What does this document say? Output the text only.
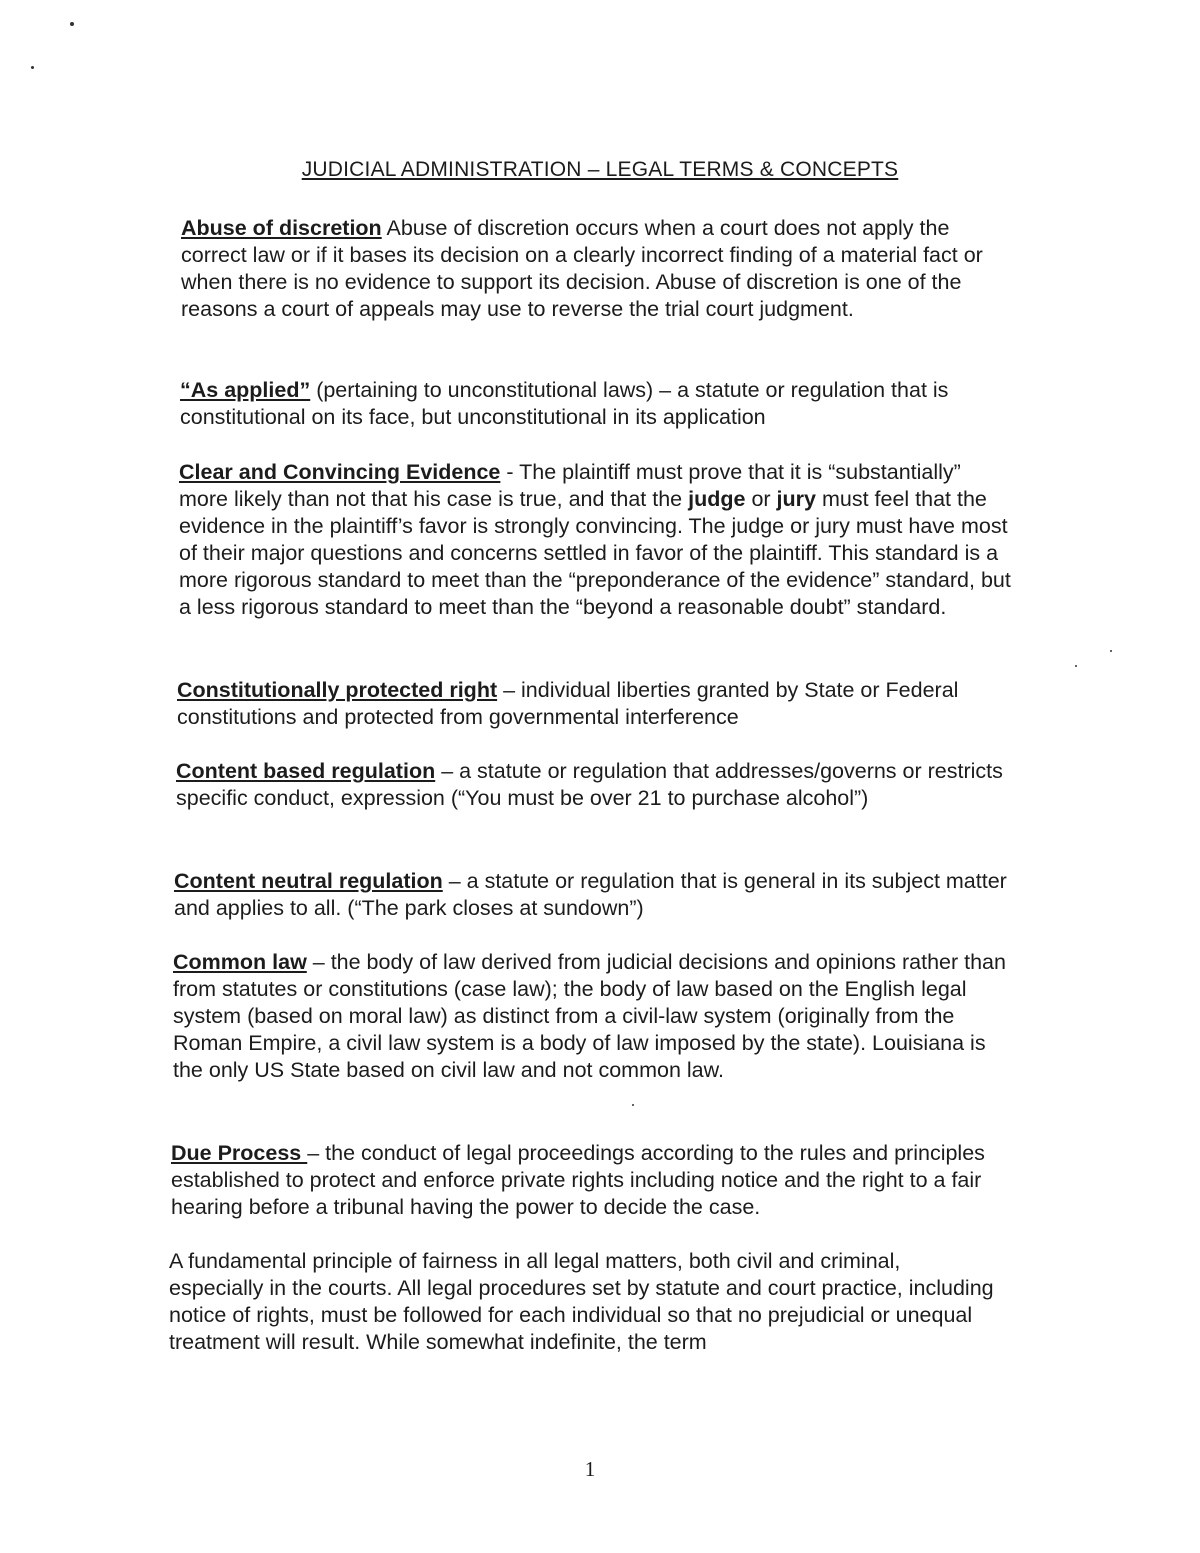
JUDICIAL ADMINISTRATION – LEGAL TERMS & CONCEPTS

Abuse of discretion Abuse of discretion occurs when a court does not apply the correct law or if it bases its decision on a clearly incorrect finding of a material fact or when there is no evidence to support its decision. Abuse of discretion is one of the reasons a court of appeals may use to reverse the trial court judgment.

“As applied” (pertaining to unconstitutional laws) – a statute or regulation that is constitutional on its face, but unconstitutional in its application

Clear and Convincing Evidence - The plaintiff must prove that it is “substantially” more likely than not that his case is true, and that the judge or jury must feel that the evidence in the plaintiff’s favor is strongly convincing. The judge or jury must have most of their major questions and concerns settled in favor of the plaintiff. This standard is a more rigorous standard to meet than the “preponderance of the evidence” standard, but a less rigorous standard to meet than the “beyond a reasonable doubt” standard.

Constitutionally protected right – individual liberties granted by State or Federal constitutions and protected from governmental interference

Content based regulation – a statute or regulation that addresses/governs or restricts specific conduct, expression (“You must be over 21 to purchase alcohol”)

Content neutral regulation – a statute or regulation that is general in its subject matter and applies to all. (“The park closes at sundown”)

Common law – the body of law derived from judicial decisions and opinions rather than from statutes or constitutions (case law); the body of law based on the English legal system (based on moral law) as distinct from a civil-law system (originally from the Roman Empire, a civil law system is a body of law imposed by the state). Louisiana is the only US State based on civil law and not common law.

Due Process – the conduct of legal proceedings according to the rules and principles established to protect and enforce private rights including notice and the right to a fair hearing before a tribunal having the power to decide the case.

A fundamental principle of fairness in all legal matters, both civil and criminal, especially in the courts. All legal procedures set by statute and court practice, including notice of rights, must be followed for each individual so that no prejudicial or unequal treatment will result. While somewhat indefinite, the term

1
